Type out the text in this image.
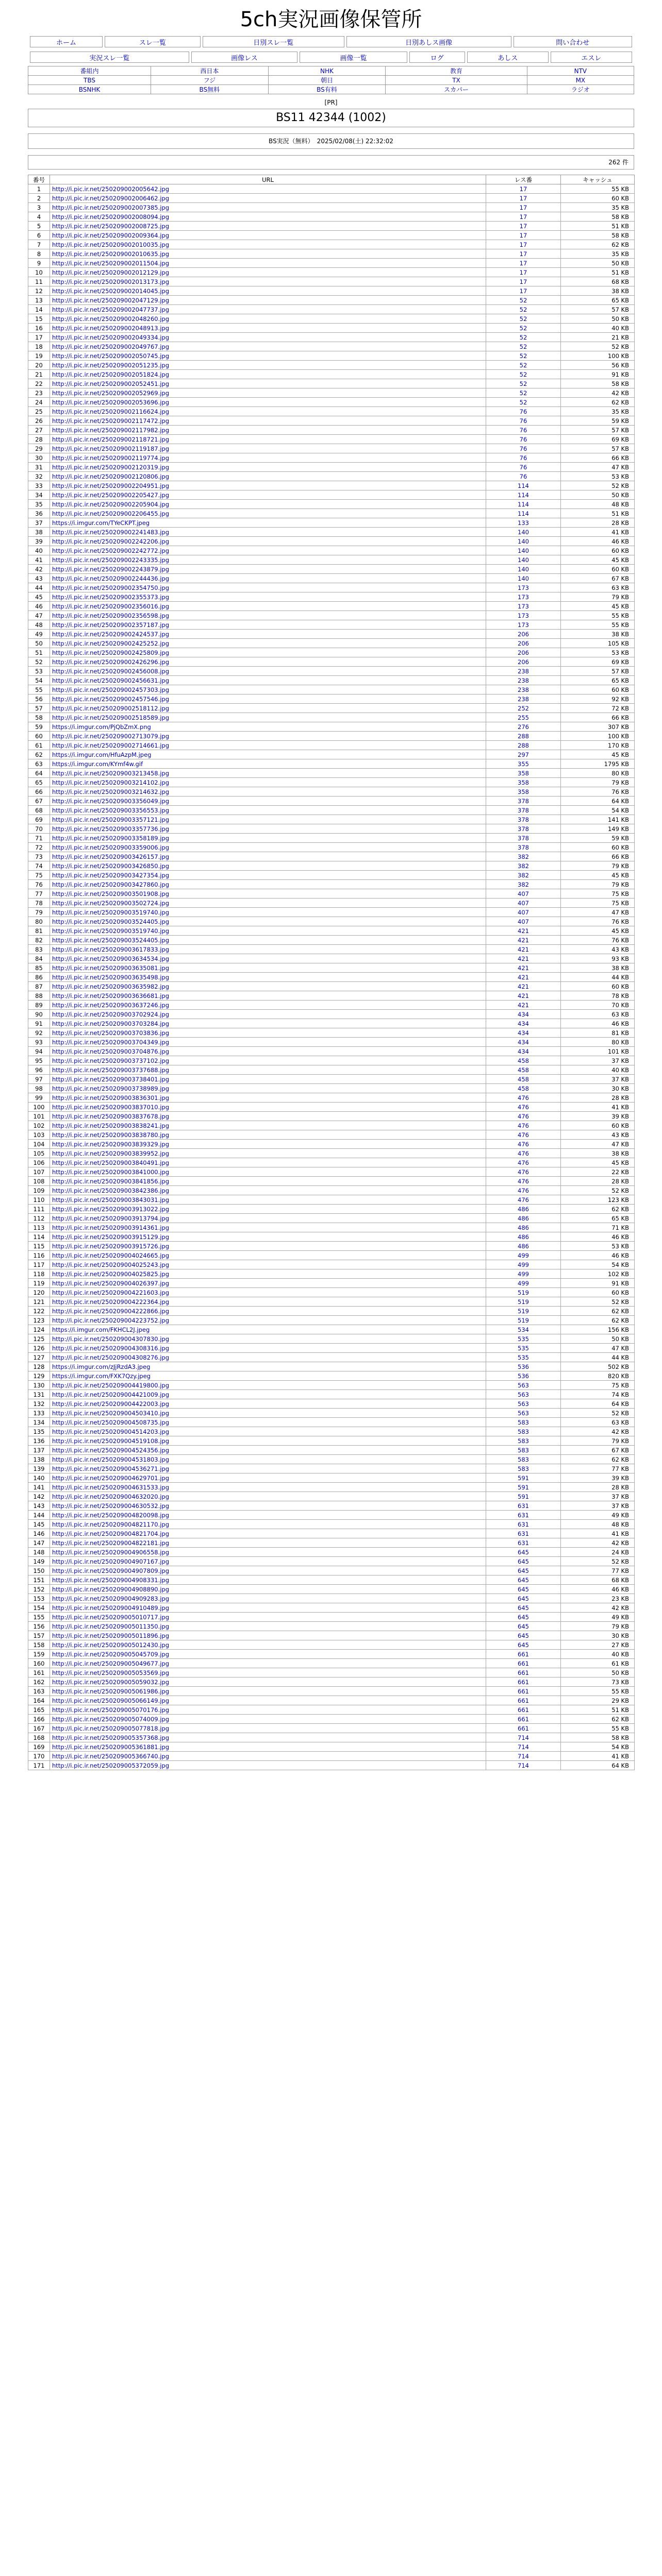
5ch実況画像保管所
ホーム	スレ一覧	日別スレ一覧	日別あしス画像	問い合わせ
実況スレ一覧	画像レス	画像一覧	ログ	あしス	エスレ
番組内	西日本	NHK	教育	NTV
TBS	フジ	朝日	TX	MX
BSNHK	BS無料	BS有料	スカパー	ラジオ
[PR]
BS11 42344 (1002)
BS実況（無料）　2025/02/08(土) 22:32:02
262 件
番号	URL	レス番	キャッシュ
1	http://i.pic.ir.net/250209002005642.jpg	17	55 KB
2	http://i.pic.ir.net/250209002006462.jpg	17	60 KB
3	http://i.pic.ir.net/250209002007385.jpg	17	35 KB
4	http://i.pic.ir.net/250209002008094.jpg	17	58 KB
5	http://i.pic.ir.net/250209002008725.jpg	17	51 KB
6	http://i.pic.ir.net/250209002009364.jpg	17	58 KB
7	http://i.pic.ir.net/250209002010035.jpg	17	62 KB
8	http://i.pic.ir.net/250209002010635.jpg	17	35 KB
9	http://i.pic.ir.net/250209002011504.jpg	17	50 KB
10	http://i.pic.ir.net/250209002012129.jpg	17	51 KB
11	http://i.pic.ir.net/250209002013173.jpg	17	68 KB
12	http://i.pic.ir.net/250209002014045.jpg	17	38 KB
13	http://i.pic.ir.net/250209002047129.jpg	52	65 KB
14	http://i.pic.ir.net/250209002047737.jpg	52	57 KB
15	http://i.pic.ir.net/250209002048260.jpg	52	50 KB
16	http://i.pic.ir.net/250209002048913.jpg	52	40 KB
17	http://i.pic.ir.net/250209002049334.jpg	52	21 KB
18	http://i.pic.ir.net/250209002049767.jpg	52	52 KB
19	http://i.pic.ir.net/250209002050745.jpg	52	100 KB
20	http://i.pic.ir.net/250209002051235.jpg	52	56 KB
21	http://i.pic.ir.net/250209002051824.jpg	52	91 KB
22	http://i.pic.ir.net/250209002052451.jpg	52	58 KB
23	http://i.pic.ir.net/250209002052969.jpg	52	42 KB
24	http://i.pic.ir.net/250209002053696.jpg	52	62 KB
25	http://i.pic.ir.net/250209002116624.jpg	76	35 KB
26	http://i.pic.ir.net/250209002117472.jpg	76	59 KB
27	http://i.pic.ir.net/250209002117982.jpg	76	57 KB
28	http://i.pic.ir.net/250209002118721.jpg	76	69 KB
29	http://i.pic.ir.net/250209002119187.jpg	76	57 KB
30	http://i.pic.ir.net/250209002119774.jpg	76	66 KB
31	http://i.pic.ir.net/250209002120319.jpg	76	47 KB
32	http://i.pic.ir.net/250209002120806.jpg	76	53 KB
33	http://i.pic.ir.net/250209002204951.jpg	114	52 KB
34	http://i.pic.ir.net/250209002205427.jpg	114	50 KB
35	http://i.pic.ir.net/250209002205904.jpg	114	48 KB
36	http://i.pic.ir.net/250209002206455.jpg	114	51 KB
37	https://i.imgur.com/TYeCKPT.jpeg	133	28 KB
38	http://i.pic.ir.net/250209002241483.jpg	140	41 KB
39	http://i.pic.ir.net/250209002242206.jpg	140	46 KB
40	http://i.pic.ir.net/250209002242772.jpg	140	60 KB
41	http://i.pic.ir.net/250209002243335.jpg	140	45 KB
42	http://i.pic.ir.net/250209002243879.jpg	140	60 KB
43	http://i.pic.ir.net/250209002244436.jpg	140	67 KB
44	http://i.pic.ir.net/250209002354750.jpg	173	63 KB
45	http://i.pic.ir.net/250209002355373.jpg	173	79 KB
46	http://i.pic.ir.net/250209002356016.jpg	173	45 KB
47	http://i.pic.ir.net/250209002356598.jpg	173	55 KB
48	http://i.pic.ir.net/250209002357187.jpg	173	55 KB
49	http://i.pic.ir.net/250209002424537.jpg	206	38 KB
50	http://i.pic.ir.net/250209002425252.jpg	206	105 KB
51	http://i.pic.ir.net/250209002425809.jpg	206	53 KB
52	http://i.pic.ir.net/250209002426296.jpg	206	69 KB
53	http://i.pic.ir.net/250209002456008.jpg	238	57 KB
54	http://i.pic.ir.net/250209002456631.jpg	238	65 KB
55	http://i.pic.ir.net/250209002457303.jpg	238	60 KB
56	http://i.pic.ir.net/250209002457546.jpg	238	92 KB
57	http://i.pic.ir.net/250209002518112.jpg	252	72 KB
58	http://i.pic.ir.net/250209002518589.jpg	255	66 KB
59	https://i.imgur.com/PjQbZmX.png	276	307 KB
60	http://i.pic.ir.net/250209002713079.jpg	288	100 KB
61	http://i.pic.ir.net/250209002714661.jpg	288	170 KB
62	https://i.imgur.com/HfuAzpM.jpeg	297	45 KB
63	https://i.imgur.com/KYmf4w.gif	355	1795 KB
64	http://i.pic.ir.net/250209003213458.jpg	358	80 KB
65	http://i.pic.ir.net/250209003214102.jpg	358	79 KB
66	http://i.pic.ir.net/250209003214632.jpg	358	76 KB
67	http://i.pic.ir.net/250209003356049.jpg	378	64 KB
68	http://i.pic.ir.net/250209003356553.jpg	378	54 KB
69	http://i.pic.ir.net/250209003357121.jpg	378	141 KB
70	http://i.pic.ir.net/250209003357736.jpg	378	149 KB
71	http://i.pic.ir.net/250209003358189.jpg	378	59 KB
72	http://i.pic.ir.net/250209003359006.jpg	378	60 KB
73	http://i.pic.ir.net/250209003426157.jpg	382	66 KB
74	http://i.pic.ir.net/250209003426850.jpg	382	79 KB
75	http://i.pic.ir.net/250209003427354.jpg	382	45 KB
76	http://i.pic.ir.net/250209003427860.jpg	382	79 KB
77	http://i.pic.ir.net/250209003501908.jpg	407	75 KB
78	http://i.pic.ir.net/250209003502724.jpg	407	75 KB
79	http://i.pic.ir.net/250209003519740.jpg	407	47 KB
80	http://i.pic.ir.net/250209003524405.jpg	407	76 KB
81	http://i.pic.ir.net/250209003519740.jpg	421	45 KB
82	http://i.pic.ir.net/250209003524405.jpg	421	76 KB
83	http://i.pic.ir.net/250209003617833.jpg	421	43 KB
84	http://i.pic.ir.net/250209003634534.jpg	421	93 KB
85	http://i.pic.ir.net/250209003635081.jpg	421	38 KB
86	http://i.pic.ir.net/250209003635498.jpg	421	44 KB
87	http://i.pic.ir.net/250209003635982.jpg	421	60 KB
88	http://i.pic.ir.net/250209003636681.jpg	421	78 KB
89	http://i.pic.ir.net/250209003637246.jpg	421	70 KB
90	http://i.pic.ir.net/250209003702924.jpg	434	63 KB
91	http://i.pic.ir.net/250209003703284.jpg	434	46 KB
92	http://i.pic.ir.net/250209003703836.jpg	434	81 KB
93	http://i.pic.ir.net/250209003704349.jpg	434	80 KB
94	http://i.pic.ir.net/250209003704876.jpg	434	101 KB
95	http://i.pic.ir.net/250209003737102.jpg	458	37 KB
96	http://i.pic.ir.net/250209003737688.jpg	458	40 KB
97	http://i.pic.ir.net/250209003738401.jpg	458	37 KB
98	http://i.pic.ir.net/250209003738989.jpg	458	30 KB
99	http://i.pic.ir.net/250209003836301.jpg	476	28 KB
100	http://i.pic.ir.net/250209003837010.jpg	476	41 KB
101	http://i.pic.ir.net/250209003837678.jpg	476	39 KB
102	http://i.pic.ir.net/250209003838241.jpg	476	60 KB
103	http://i.pic.ir.net/250209003838780.jpg	476	43 KB
104	http://i.pic.ir.net/250209003839329.jpg	476	47 KB
105	http://i.pic.ir.net/250209003839952.jpg	476	38 KB
106	http://i.pic.ir.net/250209003840491.jpg	476	45 KB
107	http://i.pic.ir.net/250209003841000.jpg	476	22 KB
108	http://i.pic.ir.net/250209003841856.jpg	476	28 KB
109	http://i.pic.ir.net/250209003842386.jpg	476	52 KB
110	http://i.pic.ir.net/250209003843031.jpg	476	123 KB
111	http://i.pic.ir.net/250209003913022.jpg	486	62 KB
112	http://i.pic.ir.net/250209003913794.jpg	486	65 KB
113	http://i.pic.ir.net/250209003914361.jpg	486	71 KB
114	http://i.pic.ir.net/250209003915129.jpg	486	46 KB
115	http://i.pic.ir.net/250209003915726.jpg	486	53 KB
116	http://i.pic.ir.net/250209004024665.jpg	499	46 KB
117	http://i.pic.ir.net/250209004025243.jpg	499	54 KB
118	http://i.pic.ir.net/250209004025825.jpg	499	102 KB
119	http://i.pic.ir.net/250209004026397.jpg	499	91 KB
120	http://i.pic.ir.net/250209004221603.jpg	519	60 KB
121	http://i.pic.ir.net/250209004222364.jpg	519	52 KB
122	http://i.pic.ir.net/250209004222866.jpg	519	62 KB
123	http://i.pic.ir.net/250209004223752.jpg	519	62 KB
124	https://i.imgur.com/FKHCL2J.jpeg	534	156 KB
125	http://i.pic.ir.net/250209004307830.jpg	535	50 KB
126	http://i.pic.ir.net/250209004308316.jpg	535	47 KB
127	http://i.pic.ir.net/250209004308276.jpg	535	44 KB
128	https://i.imgur.com/zJjRzdA3.jpeg	536	502 KB
129	https://i.imgur.com/FXK7Qzy.jpeg	536	820 KB
130	http://i.pic.ir.net/250209004419800.jpg	563	75 KB
131	http://i.pic.ir.net/250209004421009.jpg	563	74 KB
132	http://i.pic.ir.net/250209004422003.jpg	563	64 KB
133	http://i.pic.ir.net/250209004503410.jpg	563	52 KB
134	http://i.pic.ir.net/250209004508735.jpg	583	63 KB
135	http://i.pic.ir.net/250209004514203.jpg	583	42 KB
136	http://i.pic.ir.net/250209004519108.jpg	583	79 KB
137	http://i.pic.ir.net/250209004524356.jpg	583	67 KB
138	http://i.pic.ir.net/250209004531803.jpg	583	62 KB
139	http://i.pic.ir.net/250209004536271.jpg	583	77 KB
140	http://i.pic.ir.net/250209004629701.jpg	591	39 KB
141	http://i.pic.ir.net/250209004631533.jpg	591	28 KB
142	http://i.pic.ir.net/250209004632020.jpg	591	37 KB
143	http://i.pic.ir.net/250209004630532.jpg	631	37 KB
144	http://i.pic.ir.net/250209004820098.jpg	631	49 KB
145	http://i.pic.ir.net/250209004821170.jpg	631	48 KB
146	http://i.pic.ir.net/250209004821704.jpg	631	41 KB
147	http://i.pic.ir.net/250209004822181.jpg	631	42 KB
148	http://i.pic.ir.net/250209004906558.jpg	645	24 KB
149	http://i.pic.ir.net/250209004907167.jpg	645	52 KB
150	http://i.pic.ir.net/250209004907809.jpg	645	77 KB
151	http://i.pic.ir.net/250209004908331.jpg	645	68 KB
152	http://i.pic.ir.net/250209004908890.jpg	645	46 KB
153	http://i.pic.ir.net/250209004909283.jpg	645	23 KB
154	http://i.pic.ir.net/250209004910489.jpg	645	42 KB
155	http://i.pic.ir.net/250209005010717.jpg	645	49 KB
156	http://i.pic.ir.net/250209005011350.jpg	645	79 KB
157	http://i.pic.ir.net/250209005011896.jpg	645	30 KB
158	http://i.pic.ir.net/250209005012430.jpg	645	27 KB
159	http://i.pic.ir.net/250209005045709.jpg	661	40 KB
160	http://i.pic.ir.net/250209005049677.jpg	661	61 KB
161	http://i.pic.ir.net/250209005053569.jpg	661	50 KB
162	http://i.pic.ir.net/250209005059032.jpg	661	73 KB
163	http://i.pic.ir.net/250209005061986.jpg	661	55 KB
164	http://i.pic.ir.net/250209005066149.jpg	661	29 KB
165	http://i.pic.ir.net/250209005070176.jpg	661	51 KB
166	http://i.pic.ir.net/250209005074009.jpg	661	62 KB
167	http://i.pic.ir.net/250209005077818.jpg	661	55 KB
168	http://i.pic.ir.net/250209005357368.jpg	714	58 KB
169	http://i.pic.ir.net/250209005361881.jpg	714	54 KB
170	http://i.pic.ir.net/250209005366740.jpg	714	41 KB
171	http://i.pic.ir.net/250209005372059.jpg	714	64 KB
